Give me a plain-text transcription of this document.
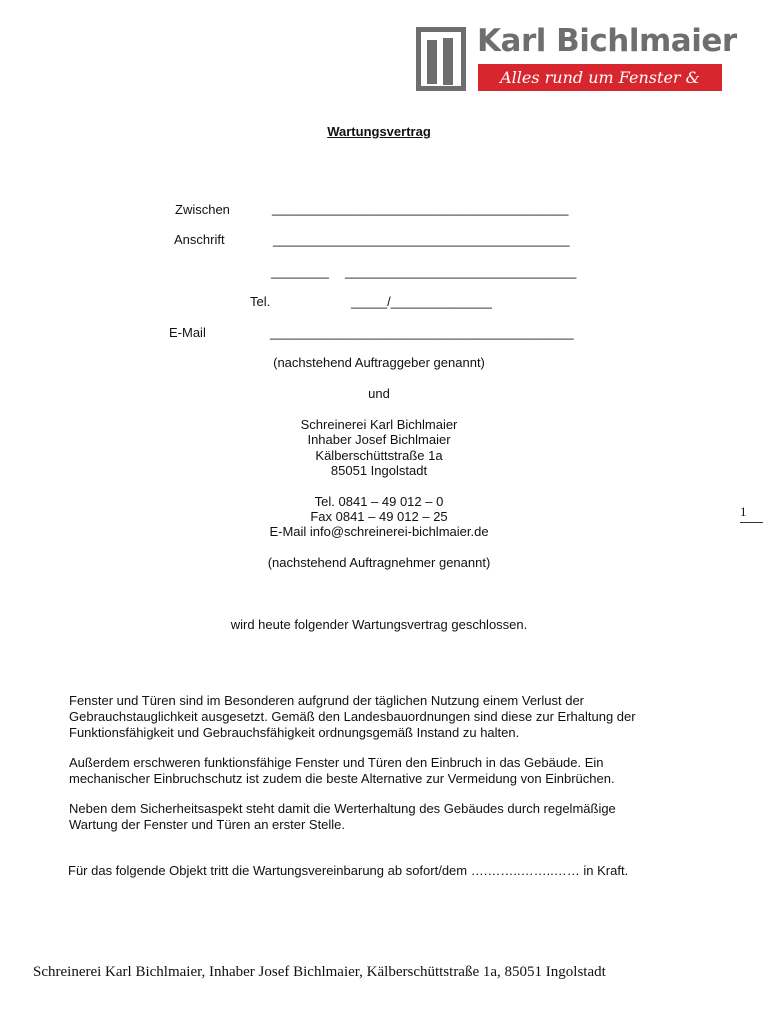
Karl Bichlmaier
Alles rund um Fenster & Türen
Wartungsvertrag
Zwischen	_________________________________________
Anschrift	_________________________________________
________ ________________________________
Tel.	_____/______________
E-Mail	__________________________________________
(nachstehend Auftraggeber genannt)
und
Schreinerei Karl Bichlmaier
Inhaber Josef Bichlmaier
Kälberschüttstraße 1a
85051 Ingolstadt
Tel. 0841 – 49 012 – 0
Fax 0841 – 49 012 – 25
E-Mail info@schreinerei-bichlmaier.de
(nachstehend Auftragnehmer genannt)
wird heute folgender Wartungsvertrag geschlossen.
1
Fenster und Türen sind im Besonderen aufgrund der täglichen Nutzung einem Verlust der
Gebrauchstauglichkeit ausgesetzt. Gemäß den Landesbauordnungen sind diese zur Erhaltung der
Funktionsfähigkeit und Gebrauchsfähigkeit ordnungsgemäß Instand zu halten.
Außerdem erschweren funktionsfähige Fenster und Türen den Einbruch in das Gebäude. Ein
mechanischer Einbruchschutz ist zudem die beste Alternative zur Vermeidung von Einbrüchen.
Neben dem Sicherheitsaspekt steht damit die Werterhaltung des Gebäudes durch regelmäßige
Wartung der Fenster und Türen an erster Stelle.
Für das folgende Objekt tritt die Wartungsvereinbarung ab sofort/dem ….……..……..…… in Kraft.
Schreinerei Karl Bichlmaier, Inhaber Josef Bichlmaier, Kälberschüttstraße 1a, 85051 Ingolstadt
